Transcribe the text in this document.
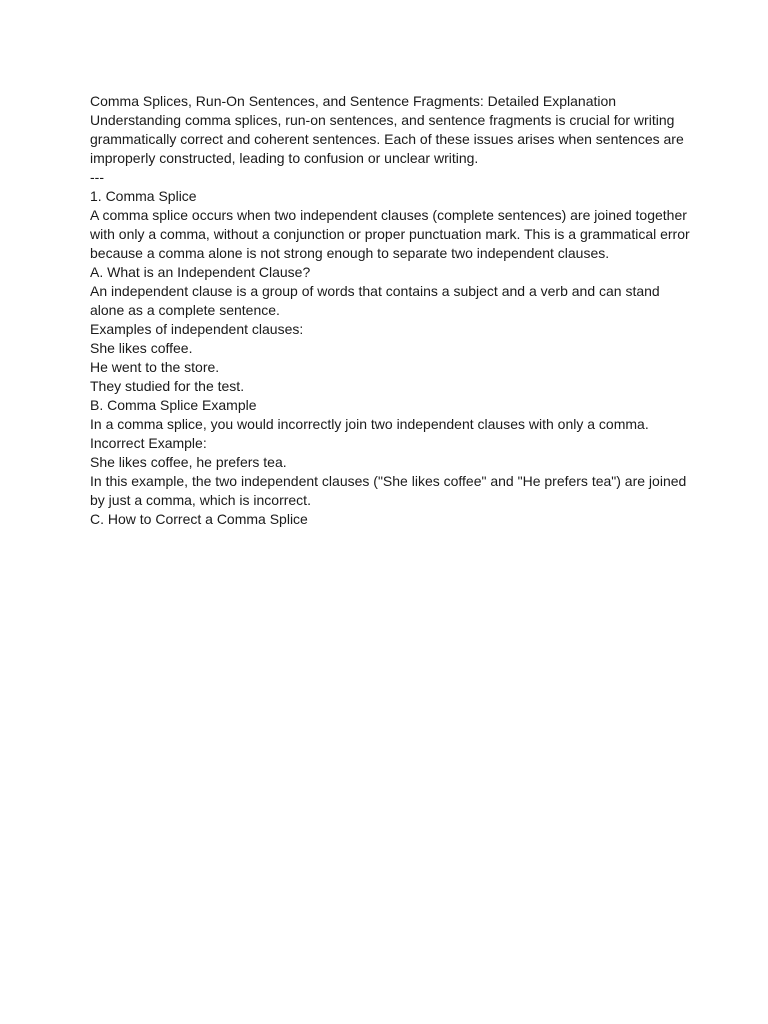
Comma Splices, Run-On Sentences, and Sentence Fragments: Detailed Explanation

Understanding comma splices, run-on sentences, and sentence fragments is crucial for writing grammatically correct and coherent sentences. Each of these issues arises when sentences are improperly constructed, leading to confusion or unclear writing.

---

1. Comma Splice

A comma splice occurs when two independent clauses (complete sentences) are joined together with only a comma, without a conjunction or proper punctuation mark. This is a grammatical error because a comma alone is not strong enough to separate two independent clauses.

A. What is an Independent Clause?

An independent clause is a group of words that contains a subject and a verb and can stand alone as a complete sentence.

Examples of independent clauses:

She likes coffee.

He went to the store.

They studied for the test.

B. Comma Splice Example

In a comma splice, you would incorrectly join two independent clauses with only a comma.

Incorrect Example:

She likes coffee, he prefers tea.

In this example, the two independent clauses ("She likes coffee" and "He prefers tea") are joined by just a comma, which is incorrect.

C. How to Correct a Comma Splice
